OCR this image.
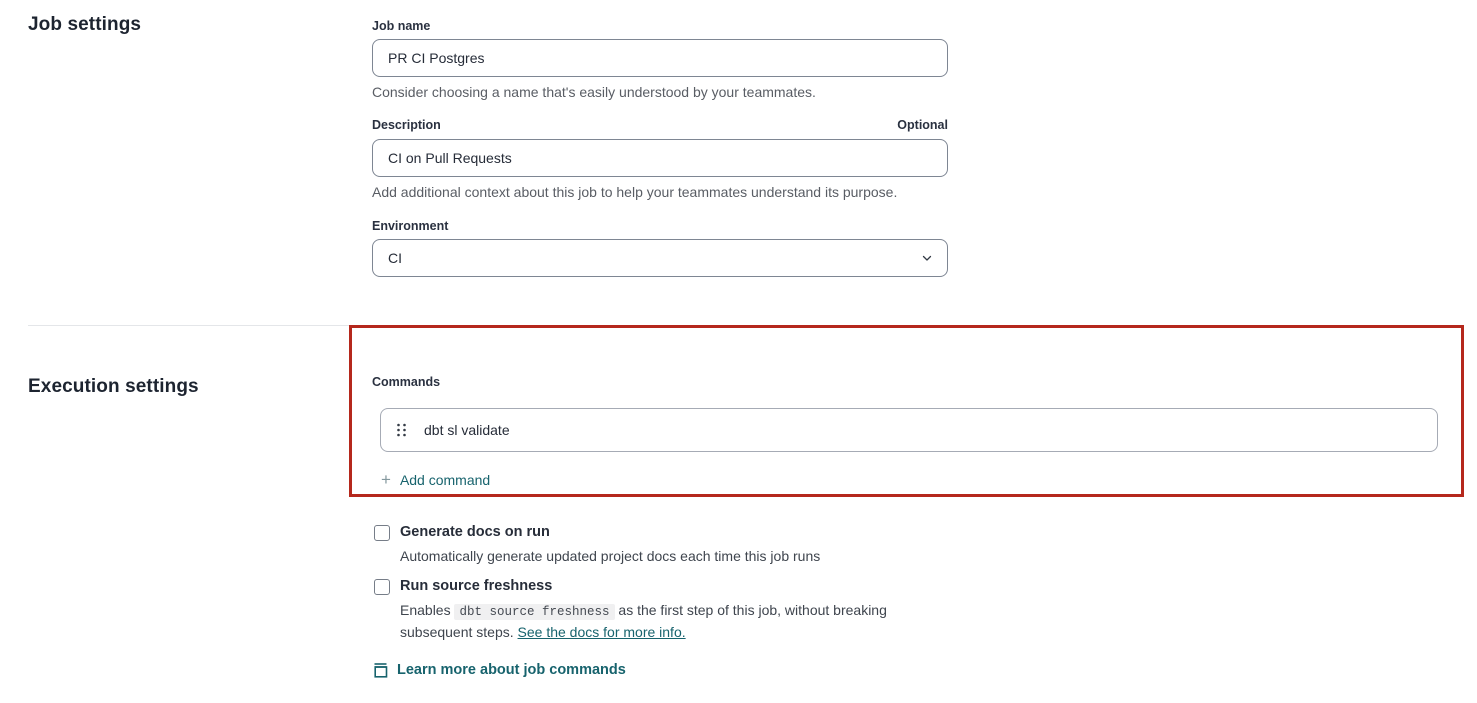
Job settings	Job name
PR CI Postgres
Consider choosing a name that's easily understood by your teammates.
Description	Optional
CI on Pull Requests
Add additional context about this job to help your teammates understand its purpose.
Environment
CI
Execution settings	Commands
dbt sl validate
+ Add command
Generate docs on run
Automatically generate updated project docs each time this job runs
Run source freshness
Enables dbt source freshness as the first step of this job, without breaking subsequent steps. See the docs for more info.
Learn more about job commands
